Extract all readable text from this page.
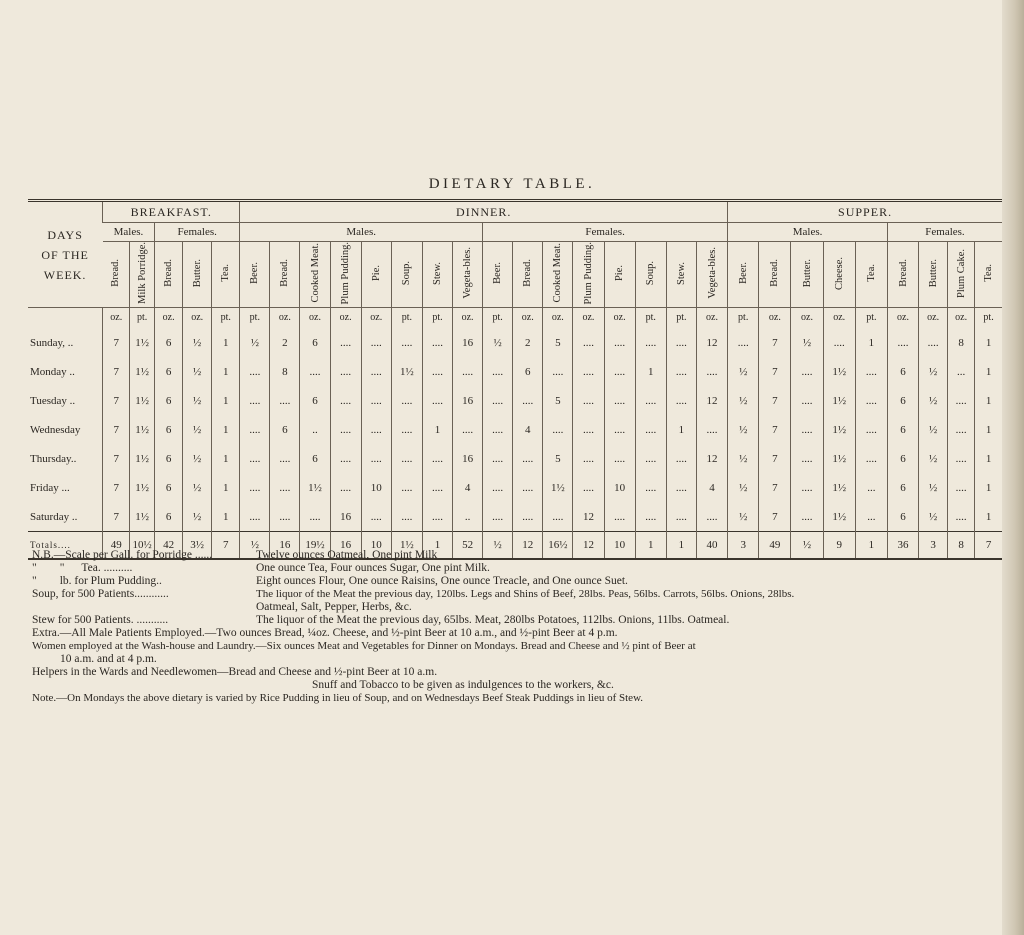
DIETARY TABLE.
DAYS
OF THE
WEEK.	BREAKFAST.					DINNER.																SUPPER.								
	Males.		Females.			Males.								Females.								Males.					Females.			
	Bread.	Milk Porridge.	Bread.	Butter.	Tea.	Beer.	Bread.	Cooked Meat.	Plum Pudding.	Pie.	Soup.	Stew.	Vegeta-bles.	Beer.	Bread.	Cooked Meat.	Plum Pudding.	Pie.	Soup.	Stew.	Vegeta-bles.	Beer.	Bread.	Butter.	Cheese.	Tea.	Bread.	Butter.	Plum Cake.	Tea.
	oz.	pt.	oz.	oz.	pt.	pt.	oz.	oz.	oz.	oz.	pt.	pt.	oz.	pt.	oz.	oz.	oz.	oz.	pt.	pt.	oz.	pt.	oz.	oz.	oz.	pt.	oz.	oz.	oz.	pt.
Sunday, ..	7	1½	6	½	1	½	2	6	....	....	....	....	16	½	2	5	....	....	....	....	12	....	7	½	....	1	....	....	8	1
Monday ..	7	1½	6	½	1	....	8	....	....	....	1½	....	....	....	6	....	....	....	1	....	....	½	7	....	1½	....	6	½	...	1
Tuesday ..	7	1½	6	½	1	....	....	6	....	....	....	....	16	....	....	5	....	....	....	....	12	½	7	....	1½	....	6	½	....	1
Wednesday	7	1½	6	½	1	....	6	..	....	....	....	1	....	....	4	....	....	....	....	1	....	½	7	....	1½	....	6	½	....	1
Thursday..	7	1½	6	½	1	....	....	6	....	....	....	....	16	....	....	5	....	....	....	....	12	½	7	....	1½	....	6	½	....	1
Friday ...	7	1½	6	½	1	....	....	1½	....	10	....	....	4	....	....	1½	....	10	....	....	4	½	7	....	1½	...	6	½	....	1
Saturday ..	7	1½	6	½	1	....	....	....	16	....	....	....	..	....	....	....	12	....	....	....	....	½	7	....	1½	...	6	½	....	1
Totals....	49	10½	42	3½	7	½	16	19½	16	10	1½	1	52	½	12	16½	12	10	1	1	40	3	49	½	9	1	36	3	8	7
N.B.—Scale per Gall. for Porridge ......	Twelve ounces Oatmeal, One pint Milk
"        "      Tea. ..........	One ounce Tea, Four ounces Sugar, One pint Milk.
"        lb. for Plum Pudding..	Eight ounces Flour, One ounce Raisins, One ounce Treacle, and One ounce Suet.
Soup, for 500 Patients............	The liquor of the Meat the previous day, 120lbs. Legs and Shins of Beef, 28lbs. Peas, 56lbs. Carrots, 56lbs. Onions, 28lbs.
Oatmeal, Salt, Pepper, Herbs, &c.
Stew for 500 Patients. ...........	The liquor of the Meat the previous day, 65lbs. Meat, 280lbs Potatoes, 112lbs. Onions, 11lbs. Oatmeal.
Extra.—All Male Patients Employed.—Two ounces Bread, ¼oz. Cheese, and ½-pint Beer at 10 a.m., and ½-pint Beer at 4 p.m.
Women employed at the Wash-house and Laundry.—Six ounces Meat and Vegetables for Dinner on Mondays. Bread and Cheese and ½ pint of Beer at
10 a.m. and at 4 p.m.
Helpers in the Wards and Needlewomen—Bread and Cheese and ½-pint Beer at 10 a.m.
Snuff and Tobacco to be given as indulgences to the workers, &c.
Note.—On Mondays the above dietary is varied by Rice Pudding in lieu of Soup, and on Wednesdays Beef Steak Puddings in lieu of Stew.
